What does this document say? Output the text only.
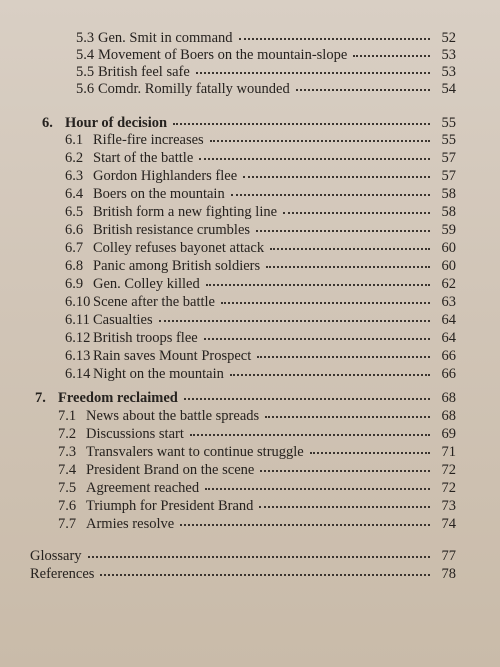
5.3 Gen. Smit in command	52
5.4 Movement of Boers on the mountain-slope	53
5.5 British feel safe	53
5.6 Comdr. Romilly fatally wounded	54
6. Hour of decision	55
6.1 Rifle-fire increases	55
6.2 Start of the battle	57
6.3 Gordon Highlanders flee	57
6.4 Boers on the mountain	58
6.5 British form a new fighting line	58
6.6 British resistance crumbles	59
6.7 Colley refuses bayonet attack	60
6.8 Panic among British soldiers	60
6.9 Gen. Colley killed	62
6.10 Scene after the battle	63
6.11 Casualties	64
6.12 British troops flee	64
6.13 Rain saves Mount Prospect	66
6.14 Night on the mountain	66
7. Freedom reclaimed	68
7.1 News about the battle spreads	68
7.2 Discussions start	69
7.3 Transvalers want to continue struggle	71
7.4 President Brand on the scene	72
7.5 Agreement reached	72
7.6 Triumph for President Brand	73
7.7 Armies resolve	74
Glossary	77
References	78
